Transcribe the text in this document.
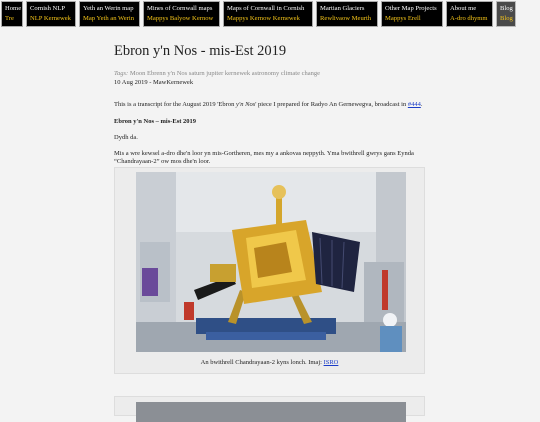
Home
Tre
Cornish NLP
NLP Kernewek
Yeth an Werin map
Map Yeth an Werin
Mines of Cornwall maps
Mappys Balyow Kernow
Maps of Cornwall in Cornish
Mappys Kernow Kernewek
Martian Glaciers
Rewlivaow Meurth
Other Map Projects
Mappys Erell
About me
A-dro dhymm
Blog
Blog
Ebron y'n Nos - mis-Est 2019
Tags: Moon Ebrenn y'n Nos saturn jupiter kernewek astronomy climate change
10 Aug 2019 - MawKernewek
This is a transcript for the August 2019 'Ebron y'n Nos' piece I prepared for Radyo An Gernewegva, broadcast in #444.
Ebron y'n Nos – mis-Est 2019
Dydh da.
Mis a wre kewsel a-dro dhe'n loor yn mis-Gortheren, mes my a ankovas neppyth. Yma bwithrell gwrys gans Eynda “Chandrayaan-2” ow mos dhe'n loor.
An bwithrell Chandrayaan-2 kyns lonch. Imaj: ISRO
